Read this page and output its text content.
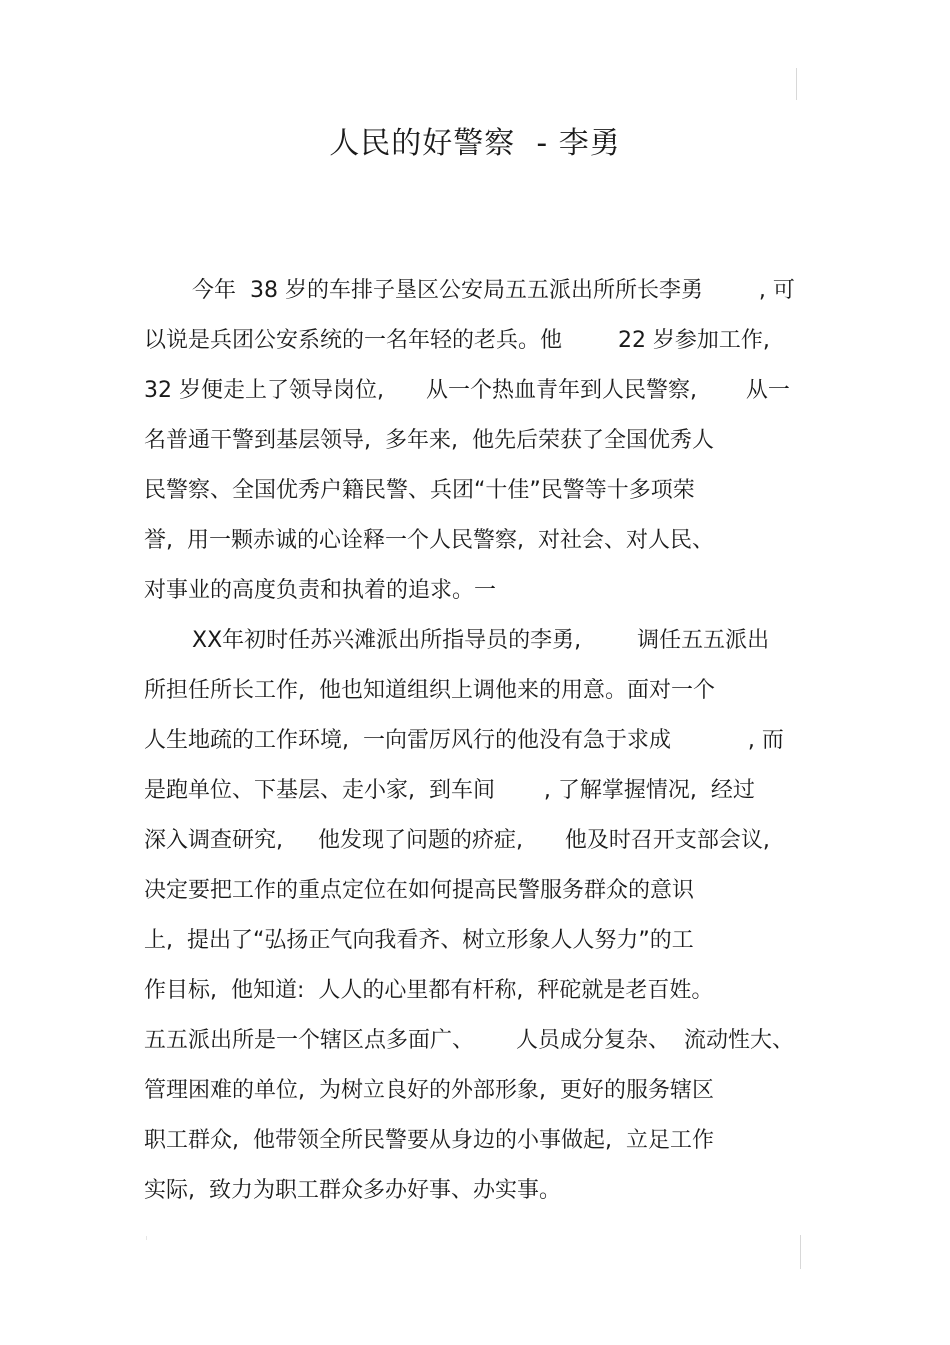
人民的好警察  - 李勇
今年  38 岁的车排子垦区公安局五五派出所所长李勇        , 可
以说是兵团公安系统的一名年轻的老兵。他        22 岁参加工作,
32 岁便走上了领导岗位,      从一个热血青年到人民警察,       从一
名普通干警到基层领导,  多年来,  他先后荣获了全国优秀人
民警察、全国优秀户籍民警、兵团“十佳”民警等十多项荣
誉,  用一颗赤诚的心诠释一个人民警察,  对社会、对人民、
对事业的高度负责和执着的追求。一
XX年初时任苏兴滩派出所指导员的李勇,        调任五五派出
所担任所长工作,  他也知道组织上调他来的用意。面对一个
人生地疏的工作环境,  一向雷厉风行的他没有急于求成           , 而
是跑单位、下基层、走小家,  到车间       , 了解掌握情况,  经过
深入调查研究,     他发现了问题的疥症,      他及时召开支部会议,
决定要把工作的重点定位在如何提高民警服务群众的意识
上,  提出了“弘扬正气向我看齐、树立形象人人努力”的工
作目标,  他知道:  人人的心里都有杆称,  秤砣就是老百姓。
五五派出所是一个辖区点多面广、      人员成分复杂、  流动性大、
管理困难的单位,  为树立良好的外部形象,  更好的服务辖区
职工群众,  他带领全所民警要从身边的小事做起,  立足工作
实际,  致力为职工群众多办好事、办实事。
